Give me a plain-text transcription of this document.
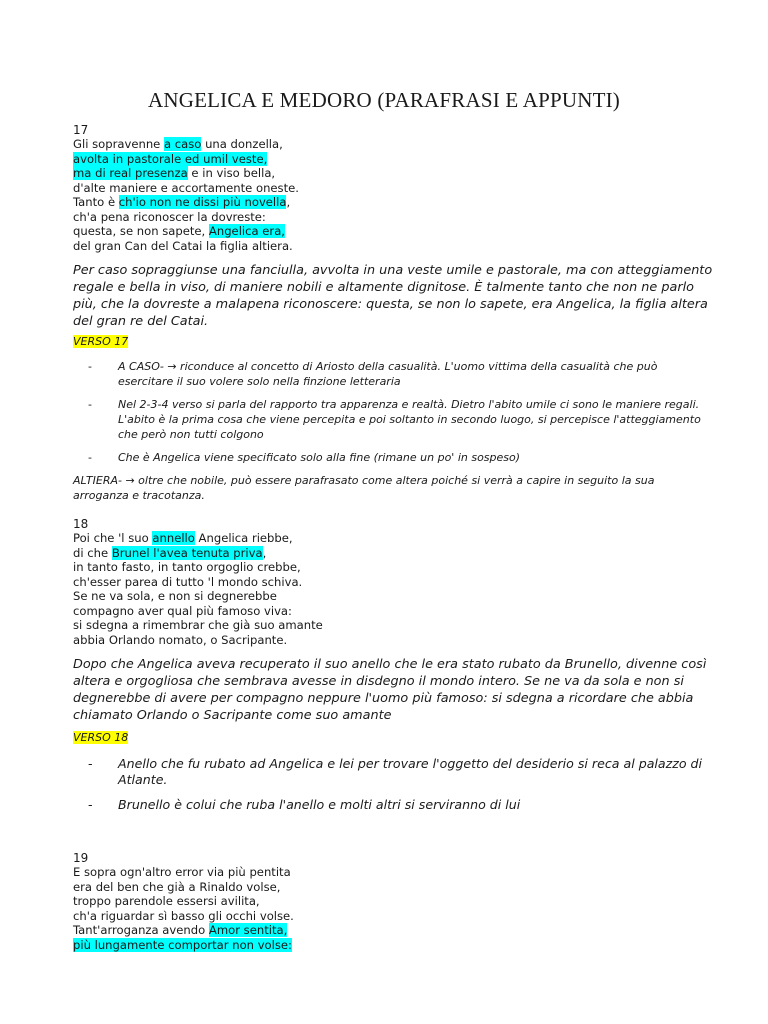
ANGELICA E MEDORO (PARAFRASI E APPUNTI)
17
Gli sopravenne a caso una donzella,
avolta in pastorale ed umil veste,
ma di real presenza e in viso bella,
d'alte maniere e accortamente oneste.
Tanto è ch'io non ne dissi più novella,
ch'a pena riconoscer la dovreste:
questa, se non sapete, Angelica era,
del gran Can del Catai la figlia altiera.
Per caso sopraggiunse una fanciulla, avvolta in una veste umile e pastorale, ma con atteggiamento regale e bella in viso, di maniere nobili e altamente dignitose. È talmente tanto che non ne parlo più, che la dovreste a malapena riconoscere: questa, se non lo sapete, era Angelica, la figlia altera del gran re del Catai.
VERSO 17
- A CASO- → riconduce al concetto di Ariosto della casualità. L'uomo vittima della casualità che può esercitare il suo volere solo nella finzione letteraria
- Nel 2-3-4 verso si parla del rapporto tra apparenza e realtà. Dietro l'abito umile ci sono le maniere regali. L'abito è la prima cosa che viene percepita e poi soltanto in secondo luogo, si percepisce l'atteggiamento che però non tutti colgono
- Che è Angelica viene specificato solo alla fine (rimane un po' in sospeso)
ALTIERA- → oltre che nobile, può essere parafrasato come altera poiché si verrà a capire in seguito la sua arroganza e tracotanza.
18
Poi che 'l suo annello Angelica riebbe,
di che Brunel l'avea tenuta priva,
in tanto fasto, in tanto orgoglio crebbe,
ch'esser parea di tutto 'l mondo schiva.
Se ne va sola, e non si degnerebbe
compagno aver qual più famoso viva:
si sdegna a rimembrar che già suo amante
abbia Orlando nomato, o Sacripante.
Dopo che Angelica aveva recuperato il suo anello che le era stato rubato da Brunello, divenne così altera e orgogliosa che sembrava avesse in disdegno il mondo intero. Se ne va da sola e non si degnerebbe di avere per compagno neppure l'uomo più famoso: si sdegna a ricordare che abbia chiamato Orlando o Sacripante come suo amante
VERSO 18
- Anello che fu rubato ad Angelica e lei per trovare l'oggetto del desiderio si reca al palazzo di Atlante.
- Brunello è colui che ruba l'anello e molti altri si serviranno di lui
19
E sopra ogn'altro error via più pentita
era del ben che già a Rinaldo volse,
troppo parendole essersi avilita,
ch'a riguardar sì basso gli occhi volse.
Tant'arroganza avendo Amor sentita,
più lungamente comportar non volse:
